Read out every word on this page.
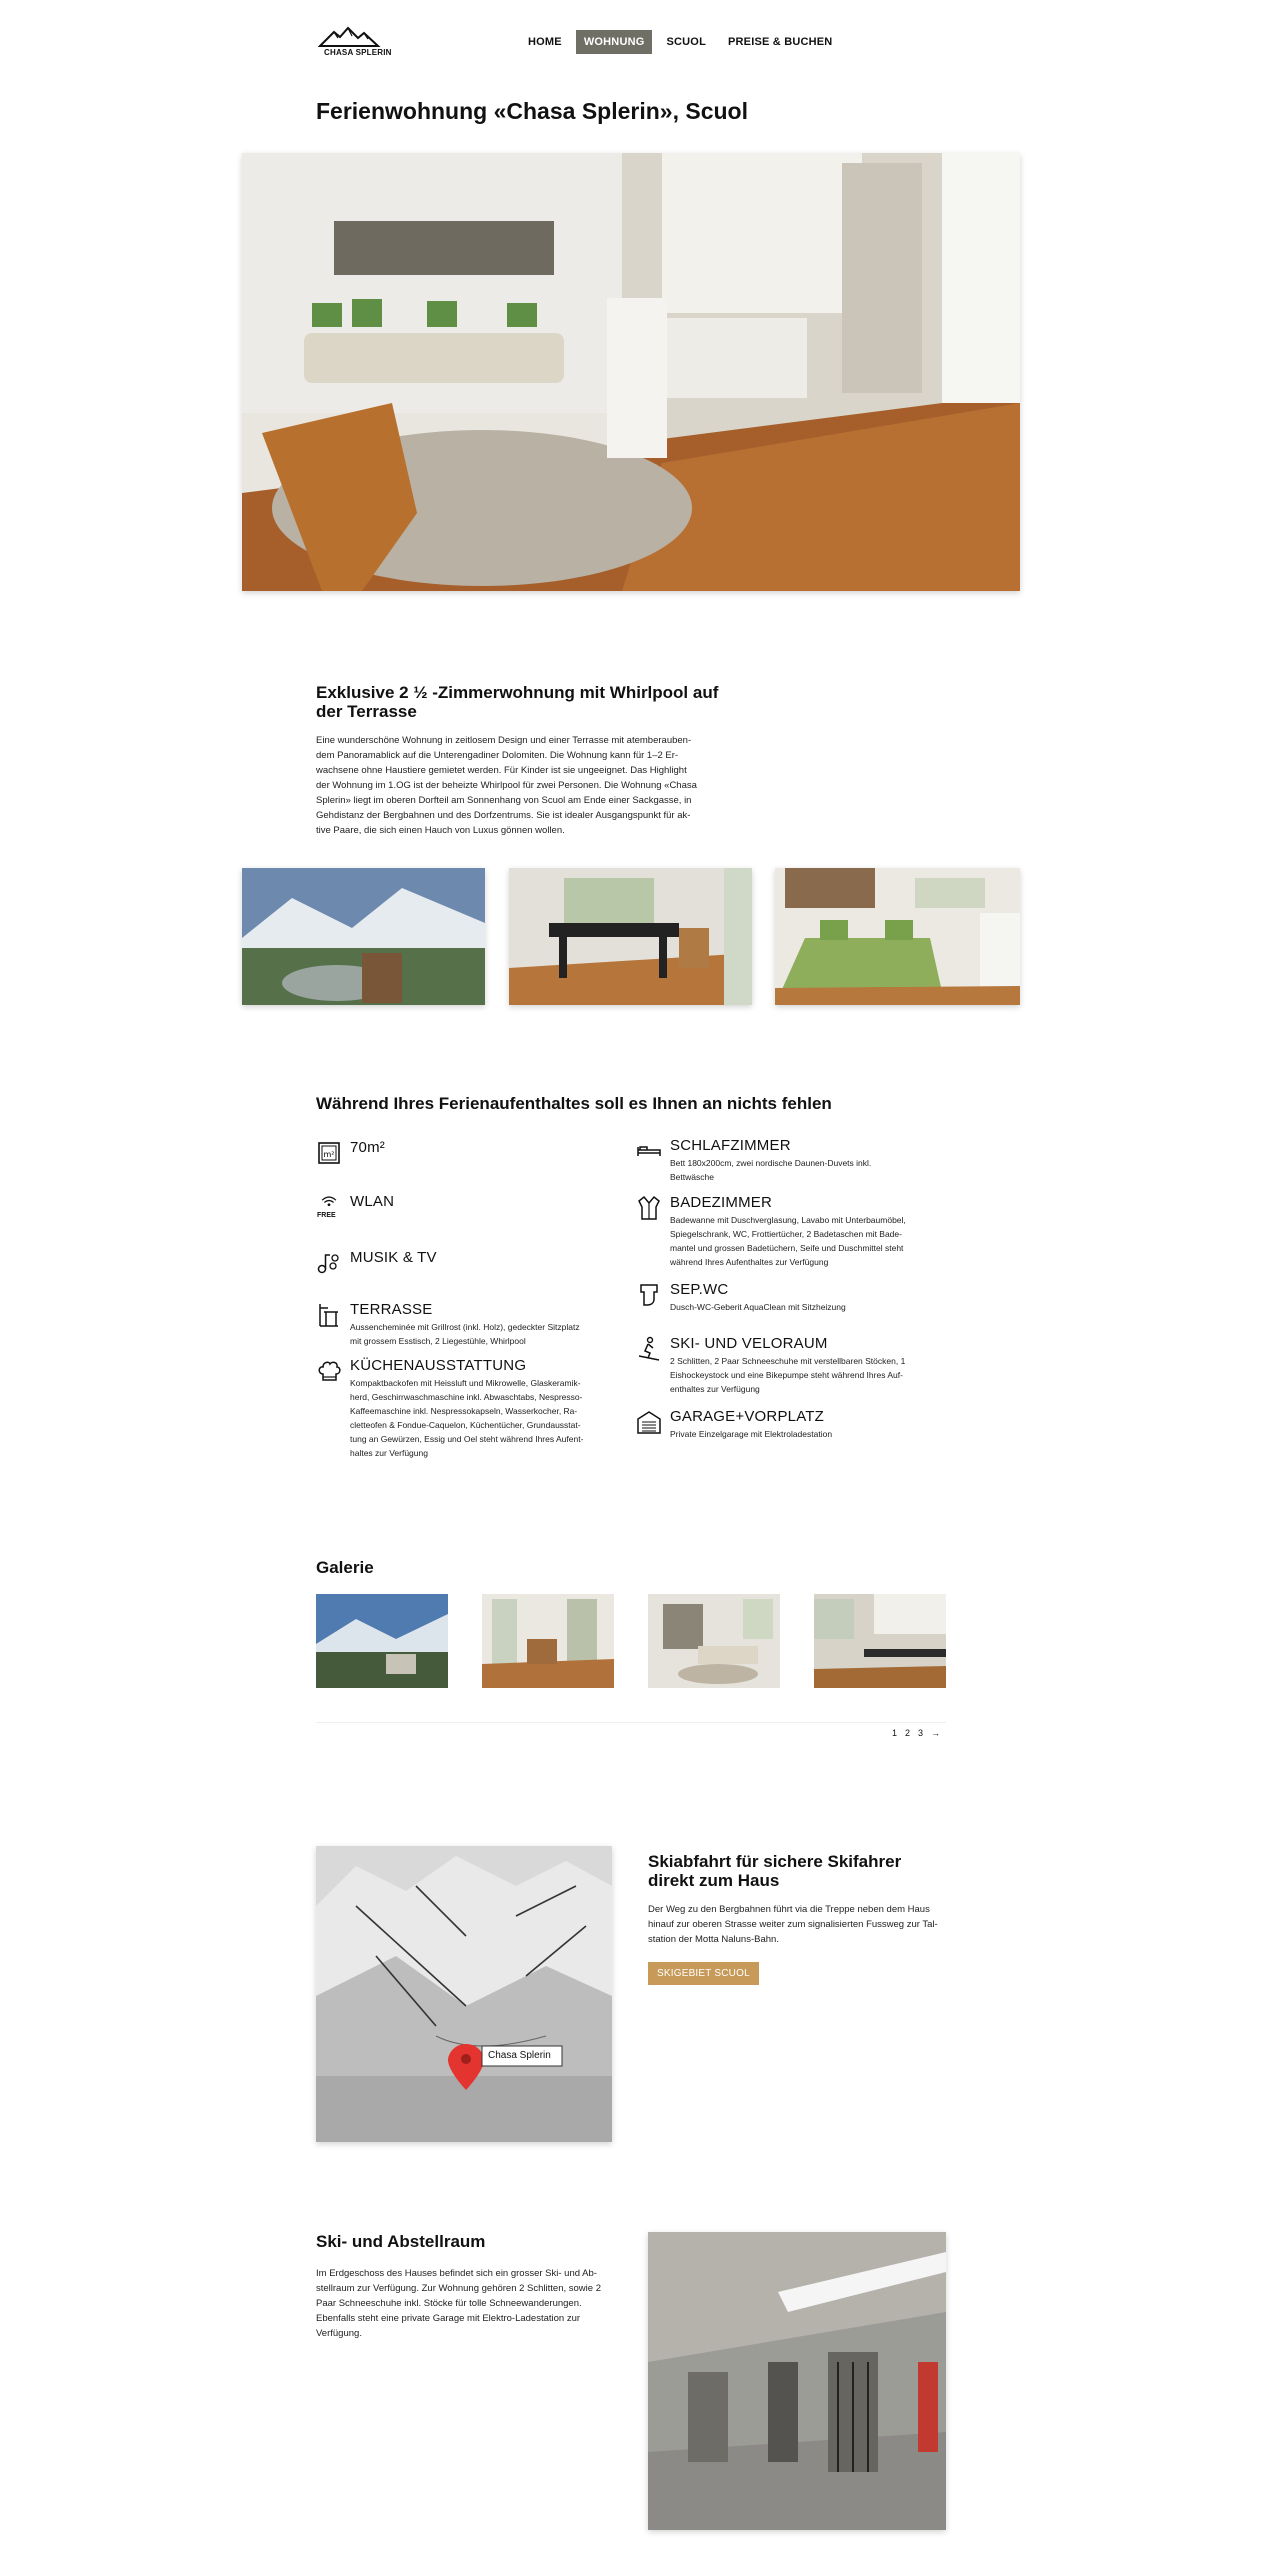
CHASA SPLERIN
HOME	WOHNUNG	SCUOL	PREISE & BUCHEN
Ferienwohnung «Chasa Splerin», Scuol
Exklusive 2 ½ -Zimmerwohnung mit Whirlpool auf der Terrasse
Eine wunderschöne Wohnung in zeitlosem Design und einer Terrasse mit atemberauben-
dem Panoramablick auf die Unterengadiner Dolomiten. Die Wohnung kann für 1–2 Er-
wachsene ohne Haustiere gemietet werden. Für Kinder ist sie ungeeignet. Das Highlight
der Wohnung im 1.OG ist der beheizte Whirlpool für zwei Personen. Die Wohnung «Chasa
Splerin» liegt im oberen Dorfteil am Sonnenhang von Scuol am Ende einer Sackgasse, in
Gehdistanz der Bergbahnen und des Dorfzentrums. Sie ist idealer Ausgangspunkt für ak-
tive Paare, die sich einen Hauch von Luxus gönnen wollen.
Während Ihres Ferienaufenthaltes soll es Ihnen an nichts fehlen
m² 70m²
FREE
WLAN
MUSIK & TV
TERRASSE
Aussencheminée mit Grillrost (inkl. Holz), gedeckter Sitzplatz
mit grossem Esstisch, 2 Liegestühle, Whirlpool
KÜCHENAUSSTATTUNG
Kompaktbackofen mit Heissluft und Mikrowelle, Glaskeramik-
herd, Geschirrwaschmaschine inkl. Abwaschtabs, Nespresso-
Kaffeemaschine inkl. Nespressokapseln, Wasserkocher, Ra-
clettеofen & Fondue-Caquelon, Küchentücher, Grundausstat-
tung an Gewürzen, Essig und Oel steht während Ihres Aufent-
haltes zur Verfügung
SCHLAFZIMMER
Bett 180x200cm, zwei nordische Daunen-Duvets inkl.
Bettwäsche
BADEZIMMER
Badewanne mit Duschverglasung, Lavabo mit Unterbaumöbel,
Spiegelschrank, WC, Frottiertücher, 2 Badetaschen mit Bade-
mantel und grossen Badetüchern, Seife und Duschmittel steht
während Ihres Aufenthaltes zur Verfügung
SEP.WC
Dusch-WC-Geberit AquaClean mit Sitzheizung
SKI- UND VELORAUM
2 Schlitten, 2 Paar Schneeschuhe mit verstellbaren Stöcken, 1
Eishockeystock und eine Bikepumpe steht während Ihres Auf-
enthaltes zur Verfügung
GARAGE+VORPLATZ
Private Einzelgarage mit Elektroladestation
Galerie
1 2 3 →
Chasa Splerin
Skiabfahrt für sichere Skifahrer
direkt zum Haus
Der Weg zu den Bergbahnen führt via die Treppe neben dem Haus
hinauf zur oberen Strasse weiter zum signalisierten Fussweg zur Tal-
station der Motta Naluns-Bahn.
SKIGEBIET SCUOL
Ski- und Abstellraum
Im Erdgeschoss des Hauses befindet sich ein grosser Ski- und Ab-
stellraum zur Verfügung. Zur Wohnung gehören 2 Schlitten, sowie 2
Paar Schneeschuhe inkl. Stöcke für tolle Schneewanderungen.
Ebenfalls steht eine private Garage mit Elektro-Ladestation zur
Verfügung.
